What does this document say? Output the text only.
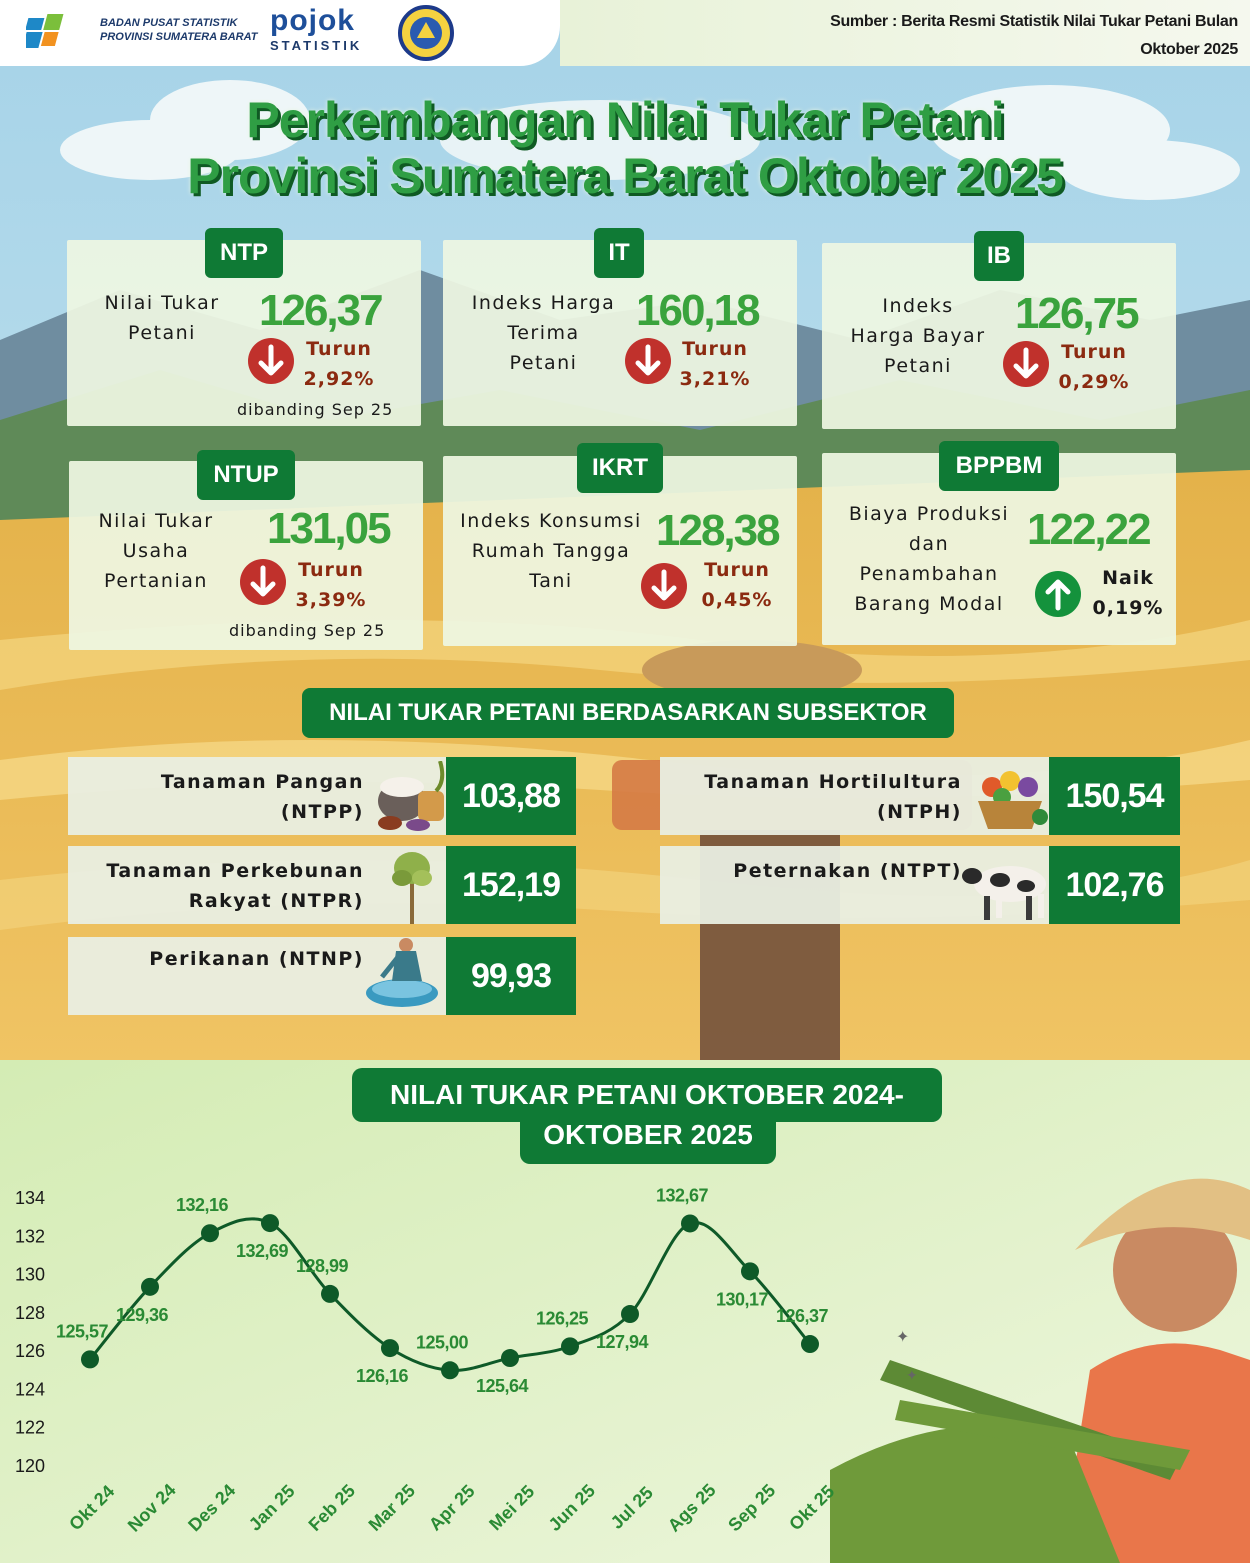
✦
✦
BADAN PUSAT STATISTIK
PROVINSI SUMATERA BARAT pojok
STATISTIK
Sumber : Berita Resmi Statistik Nilai Tukar Petani Bulan
Oktober 2025
Perkembangan Nilai Tukar Petani
Provinsi Sumatera Barat Oktober 2025
Nilai Tukar
Petani	126,37
Turun
2,92%
dibanding Sep 25
NTP
Indeks Harga
Terima
Petani
160,18
Turun
3,21%
IT
Indeks
Harga Bayar
Petani
126,75
Turun
0,29%
IB
Nilai Tukar
Usaha
Pertanian
131,05
Turun
3,39%
dibanding Sep 25
NTUP
Indeks Konsumsi
Rumah Tangga
Tani
128,38
Turun
0,45%
IKRT
Biaya Produksi
dan
Penambahan
Barang Modal
122,22
Naik
0,19%
BPPBM
NILAI TUKAR PETANI BERDASARKAN SUBSEKTOR
Tanaman Pangan
(NTPP)	103,88	Tanaman Hortilultura
(NTPH)	150,54
Tanaman Perkebunan
Rakyat (NTPR)	152,19	Peternakan (NTPT)	102,76
Perikanan (NTNP)	99,93
NILAI TUKAR PETANI OKTOBER 2024-
OKTOBER 2025
134
132
130
128
126
124
122
120
125,57
Okt 24
129,36
Nov 24
132,16
Des 24
132,69
Jan 25
128,99
Feb 25
126,16
Mar 25
125,00
Apr 25
125,64
Mei 25
126,25
Jun 25
127,94
Jul 25
132,67
Ags 25
130,17
Sep 25
126,37
Okt 25
